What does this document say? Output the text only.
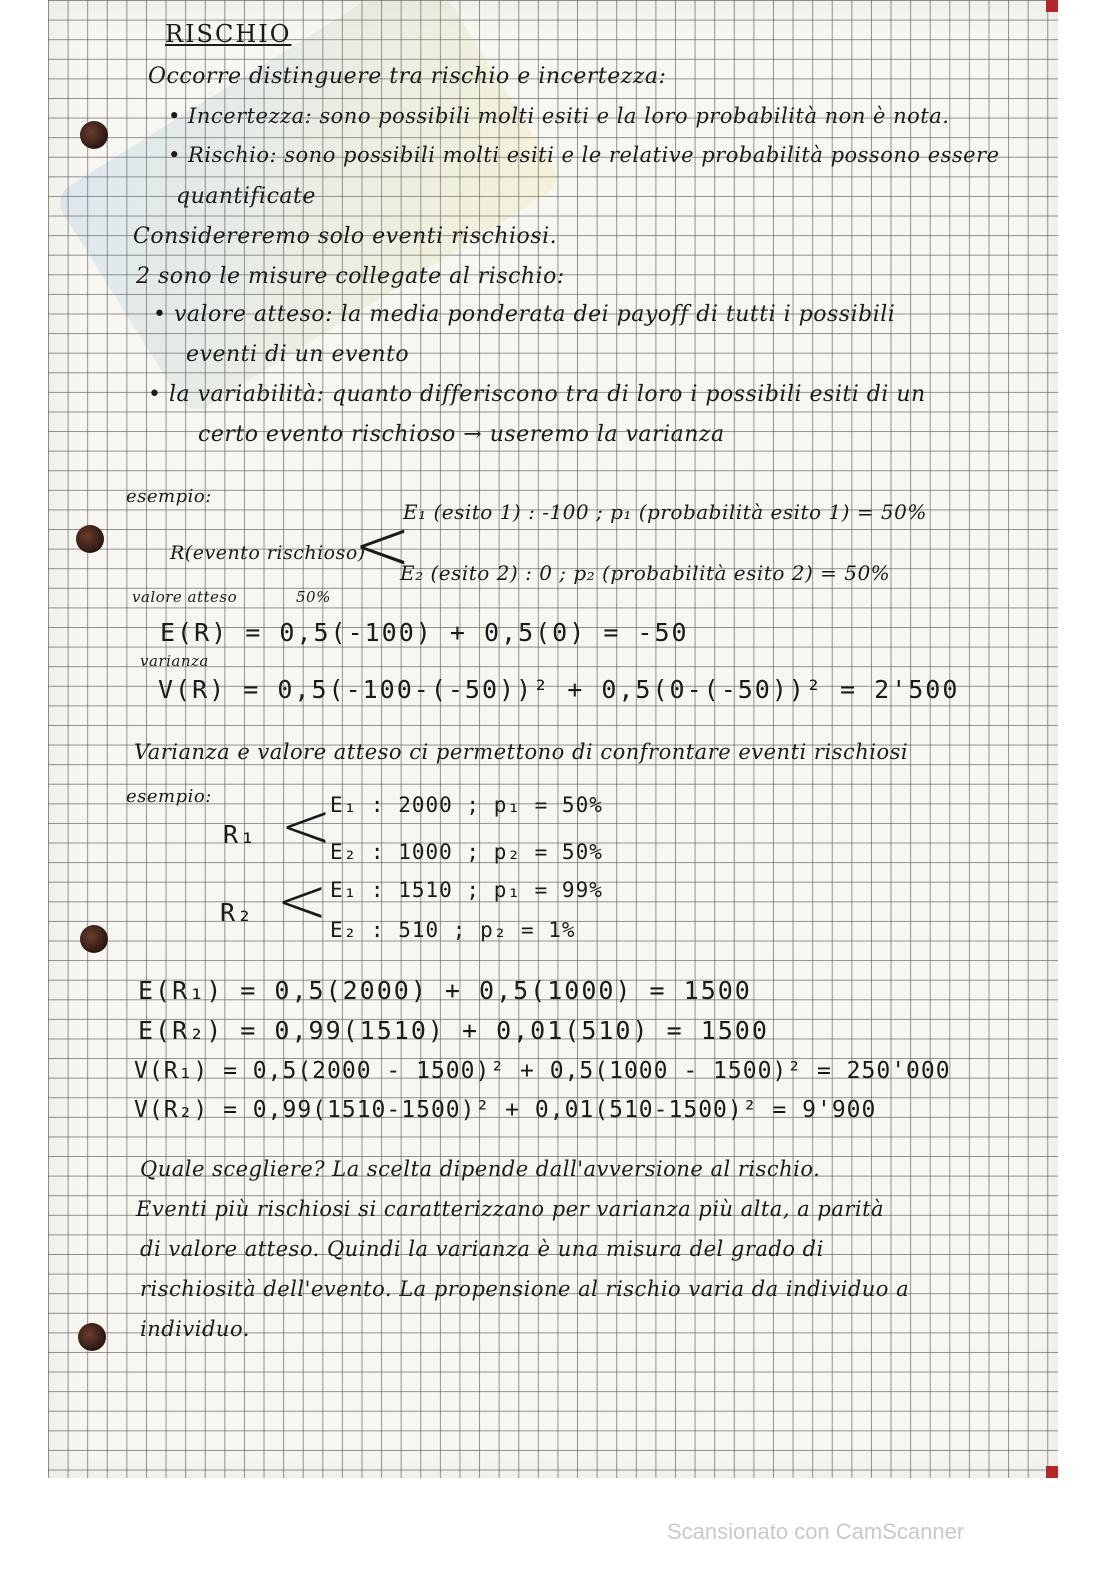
RISCHIO
Occorre distinguere tra rischio e incertezza:
• Incertezza: sono possibili molti esiti e la loro probabilità non è nota.
• Rischio: sono possibili molti esiti e le relative probabilità possono essere
quantificate
Considereremo solo eventi rischiosi.
2 sono le misure collegate al rischio:
• valore atteso: la media ponderata dei payoff di tutti i possibili
eventi di un evento
• la variabilità: quanto differiscono tra di loro i possibili esiti di un
certo evento rischioso → useremo la varianza
esempio:
R(evento rischioso)
<
E₁ (esito 1) : -100 ; p₁ (probabilità esito 1) = 50%
E₂ (esito 2) : 0 ; p₂ (probabilità esito 2) = 50%
valore atteso	50%
E(R) = 0,5(-100) + 0,5(0) = -50
varianza
V(R) = 0,5(-100-(-50))² + 0,5(0-(-50))² = 2'500
Varianza e valore atteso ci permettono di confrontare eventi rischiosi
esempio:
R₁ <
E₁ : 2000 ; p₁ = 50%
E₂ : 1000 ; p₂ = 50%
R₂ < E₁ : 1510 ; p₁ = 99%
E₂ : 510 ; p₂ = 1%
E(R₁) = 0,5(2000) + 0,5(1000) = 1500
E(R₂) = 0,99(1510) + 0,01(510) = 1500
V(R₁) = 0,5(2000 - 1500)² + 0,5(1000 - 1500)² = 250'000
V(R₂) = 0,99(1510-1500)² + 0,01(510-1500)² = 9'900
Quale scegliere? La scelta dipende dall'avversione al rischio.
Eventi più rischiosi si caratterizzano per varianza più alta, a parità
di valore atteso. Quindi la varianza è una misura del grado di
rischiosità dell'evento. La propensione al rischio varia da individuo a
individuo.
Scansionato con CamScanner
